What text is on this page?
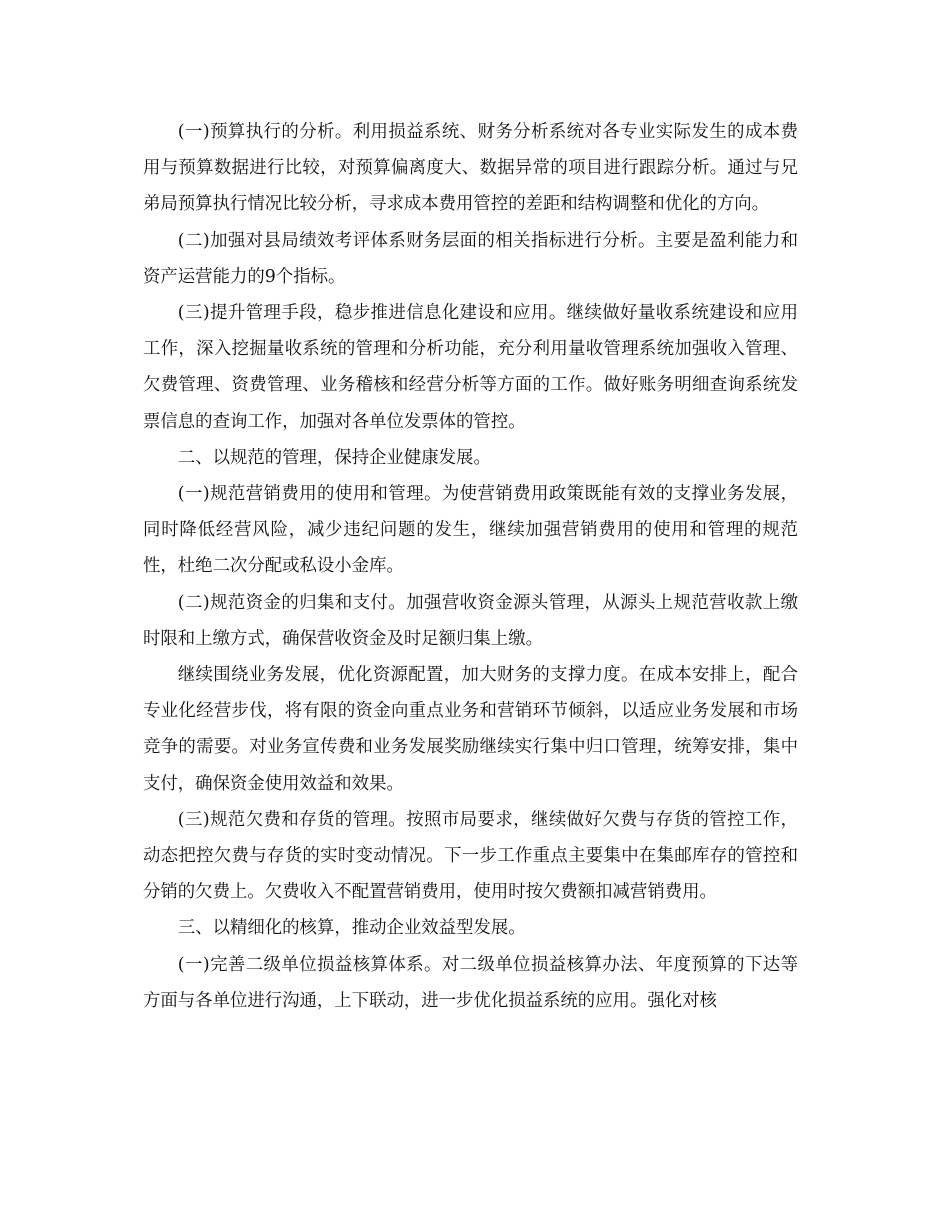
(一)预算执行的分析。利用损益系统、财务分析系统对各专业实际发生的成本费用与预算数据进行比较，对预算偏离度大、数据异常的项目进行跟踪分析。通过与兄弟局预算执行情况比较分析，寻求成本费用管控的差距和结构调整和优化的方向。

(二)加强对县局绩效考评体系财务层面的相关指标进行分析。主要是盈利能力和资产运营能力的9个指标。

(三)提升管理手段，稳步推进信息化建设和应用。继续做好量收系统建设和应用工作，深入挖掘量收系统的管理和分析功能，充分利用量收管理系统加强收入管理、欠费管理、资费管理、业务稽核和经营分析等方面的工作。做好账务明细查询系统发票信息的查询工作，加强对各单位发票体的管控。

二、以规范的管理，保持企业健康发展。

(一)规范营销费用的使用和管理。为使营销费用政策既能有效的支撑业务发展，同时降低经营风险，减少违纪问题的发生，继续加强营销费用的使用和管理的规范性，杜绝二次分配或私设小金库。

(二)规范资金的归集和支付。加强营收资金源头管理，从源头上规范营收款上缴时限和上缴方式，确保营收资金及时足额归集上缴。

继续围绕业务发展，优化资源配置，加大财务的支撑力度。在成本安排上，配合专业化经营步伐，将有限的资金向重点业务和营销环节倾斜，以适应业务发展和市场竞争的需要。对业务宣传费和业务发展奖励继续实行集中归口管理，统筹安排，集中支付，确保资金使用效益和效果。

(三)规范欠费和存货的管理。按照市局要求，继续做好欠费与存货的管控工作，动态把控欠费与存货的实时变动情况。下一步工作重点主要集中在集邮库存的管控和分销的欠费上。欠费收入不配置营销费用，使用时按欠费额扣减营销费用。

三、以精细化的核算，推动企业效益型发展。

(一)完善二级单位损益核算体系。对二级单位损益核算办法、年度预算的下达等方面与各单位进行沟通，上下联动，进一步优化损益系统的应用。强化对核
